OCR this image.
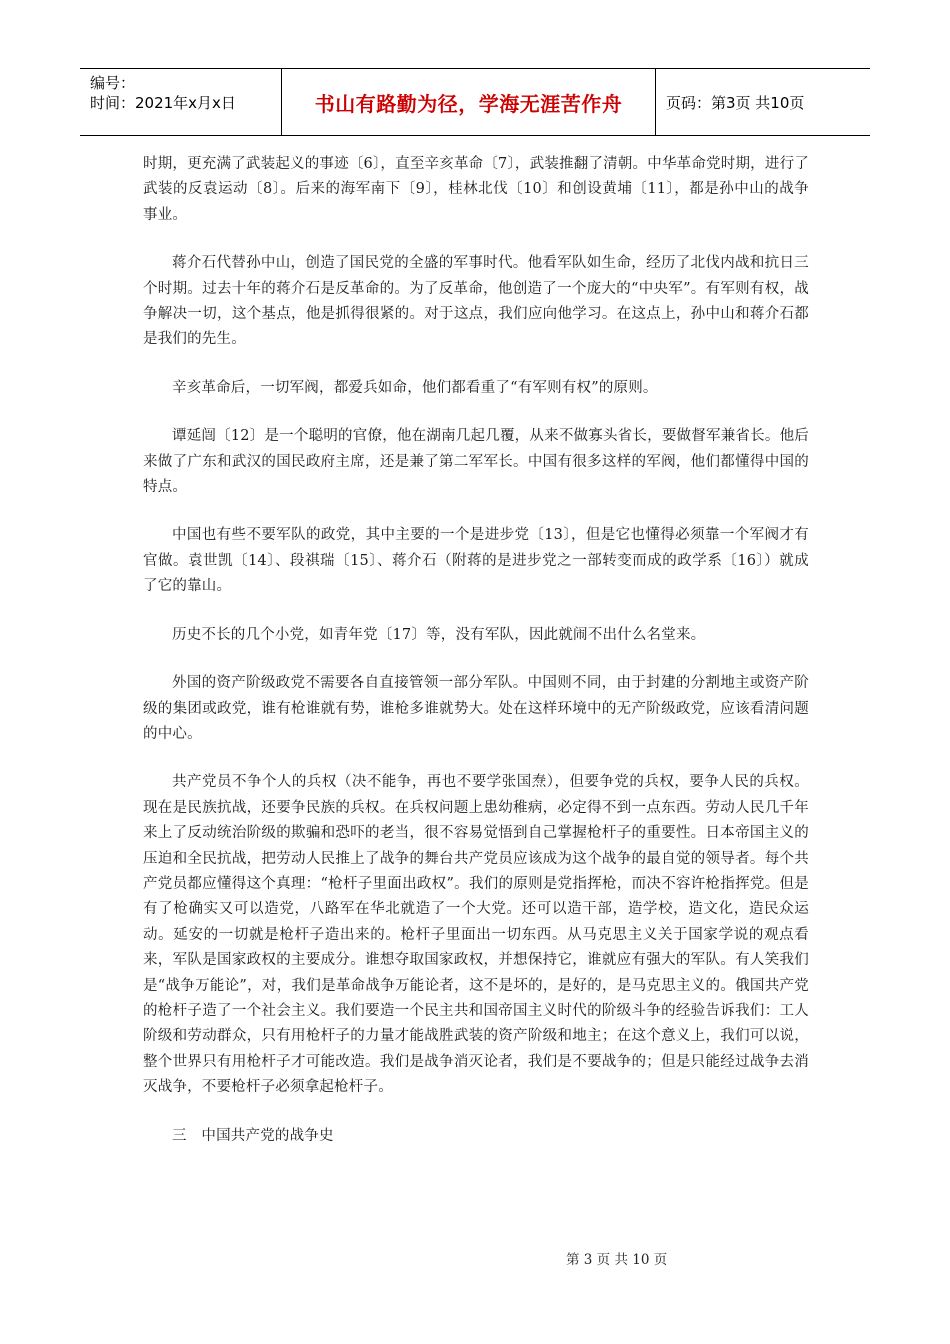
编号：
时间：2021年x月x日	书山有路勤为径，学海无涯苦作舟	页码：第3页 共10页

时期，更充满了武装起义的事迹〔6〕，直至辛亥革命〔7〕，武装推翻了清朝。中华革命党时期，进行了武装的反袁运动〔8〕。后来的海军南下〔9〕，桂林北伐〔10〕和创设黄埔〔11〕，都是孙中山的战争事业。

蒋介石代替孙中山，创造了国民党的全盛的军事时代。他看军队如生命，经历了北伐内战和抗日三个时期。过去十年的蒋介石是反革命的。为了反革命，他创造了一个庞大的“中央军”。有军则有权，战争解决一切，这个基点，他是抓得很紧的。对于这点，我们应向他学习。在这点上，孙中山和蒋介石都是我们的先生。

辛亥革命后，一切军阀，都爱兵如命，他们都看重了“有军则有权”的原则。

谭延闿〔12〕是一个聪明的官僚，他在湖南几起几覆，从来不做寡头省长，要做督军兼省长。他后来做了广东和武汉的国民政府主席，还是兼了第二军军长。中国有很多这样的军阀，他们都懂得中国的特点。

中国也有些不要军队的政党，其中主要的一个是进步党〔13〕，但是它也懂得必须靠一个军阀才有官做。袁世凯〔14〕、段祺瑞〔15〕、蒋介石（附蒋的是进步党之一部转变而成的政学系〔16〕）就成了它的靠山。

历史不长的几个小党，如青年党〔17〕等，没有军队，因此就闹不出什么名堂来。

外国的资产阶级政党不需要各自直接管领一部分军队。中国则不同，由于封建的分割地主或资产阶级的集团或政党，谁有枪谁就有势，谁枪多谁就势大。处在这样环境中的无产阶级政党，应该看清问题的中心。

共产党员不争个人的兵权（决不能争，再也不要学张国焘），但要争党的兵权，要争人民的兵权。现在是民族抗战，还要争民族的兵权。在兵权问题上患幼稚病，必定得不到一点东西。劳动人民几千年来上了反动统治阶级的欺骗和恐吓的老当，很不容易觉悟到自己掌握枪杆子的重要性。日本帝国主义的压迫和全民抗战，把劳动人民推上了战争的舞台共产党员应该成为这个战争的最自觉的领导者。每个共产党员都应懂得这个真理：“枪杆子里面出政权”。我们的原则是党指挥枪，而决不容许枪指挥党。但是有了枪确实又可以造党，八路军在华北就造了一个大党。还可以造干部，造学校，造文化，造民众运动。延安的一切就是枪杆子造出来的。枪杆子里面出一切东西。从马克思主义关于国家学说的观点看来，军队是国家政权的主要成分。谁想夺取国家政权，并想保持它，谁就应有强大的军队。有人笑我们是“战争万能论”，对，我们是革命战争万能论者，这不是坏的，是好的，是马克思主义的。俄国共产党的枪杆子造了一个社会主义。我们要造一个民主共和国帝国主义时代的阶级斗争的经验告诉我们：工人阶级和劳动群众，只有用枪杆子的力量才能战胜武装的资产阶级和地主；在这个意义上，我们可以说，整个世界只有用枪杆子才可能改造。我们是战争消灭论者，我们是不要战争的；但是只能经过战争去消灭战争，不要枪杆子必须拿起枪杆子。

三　中国共产党的战争史

第 3 页 共 10 页
